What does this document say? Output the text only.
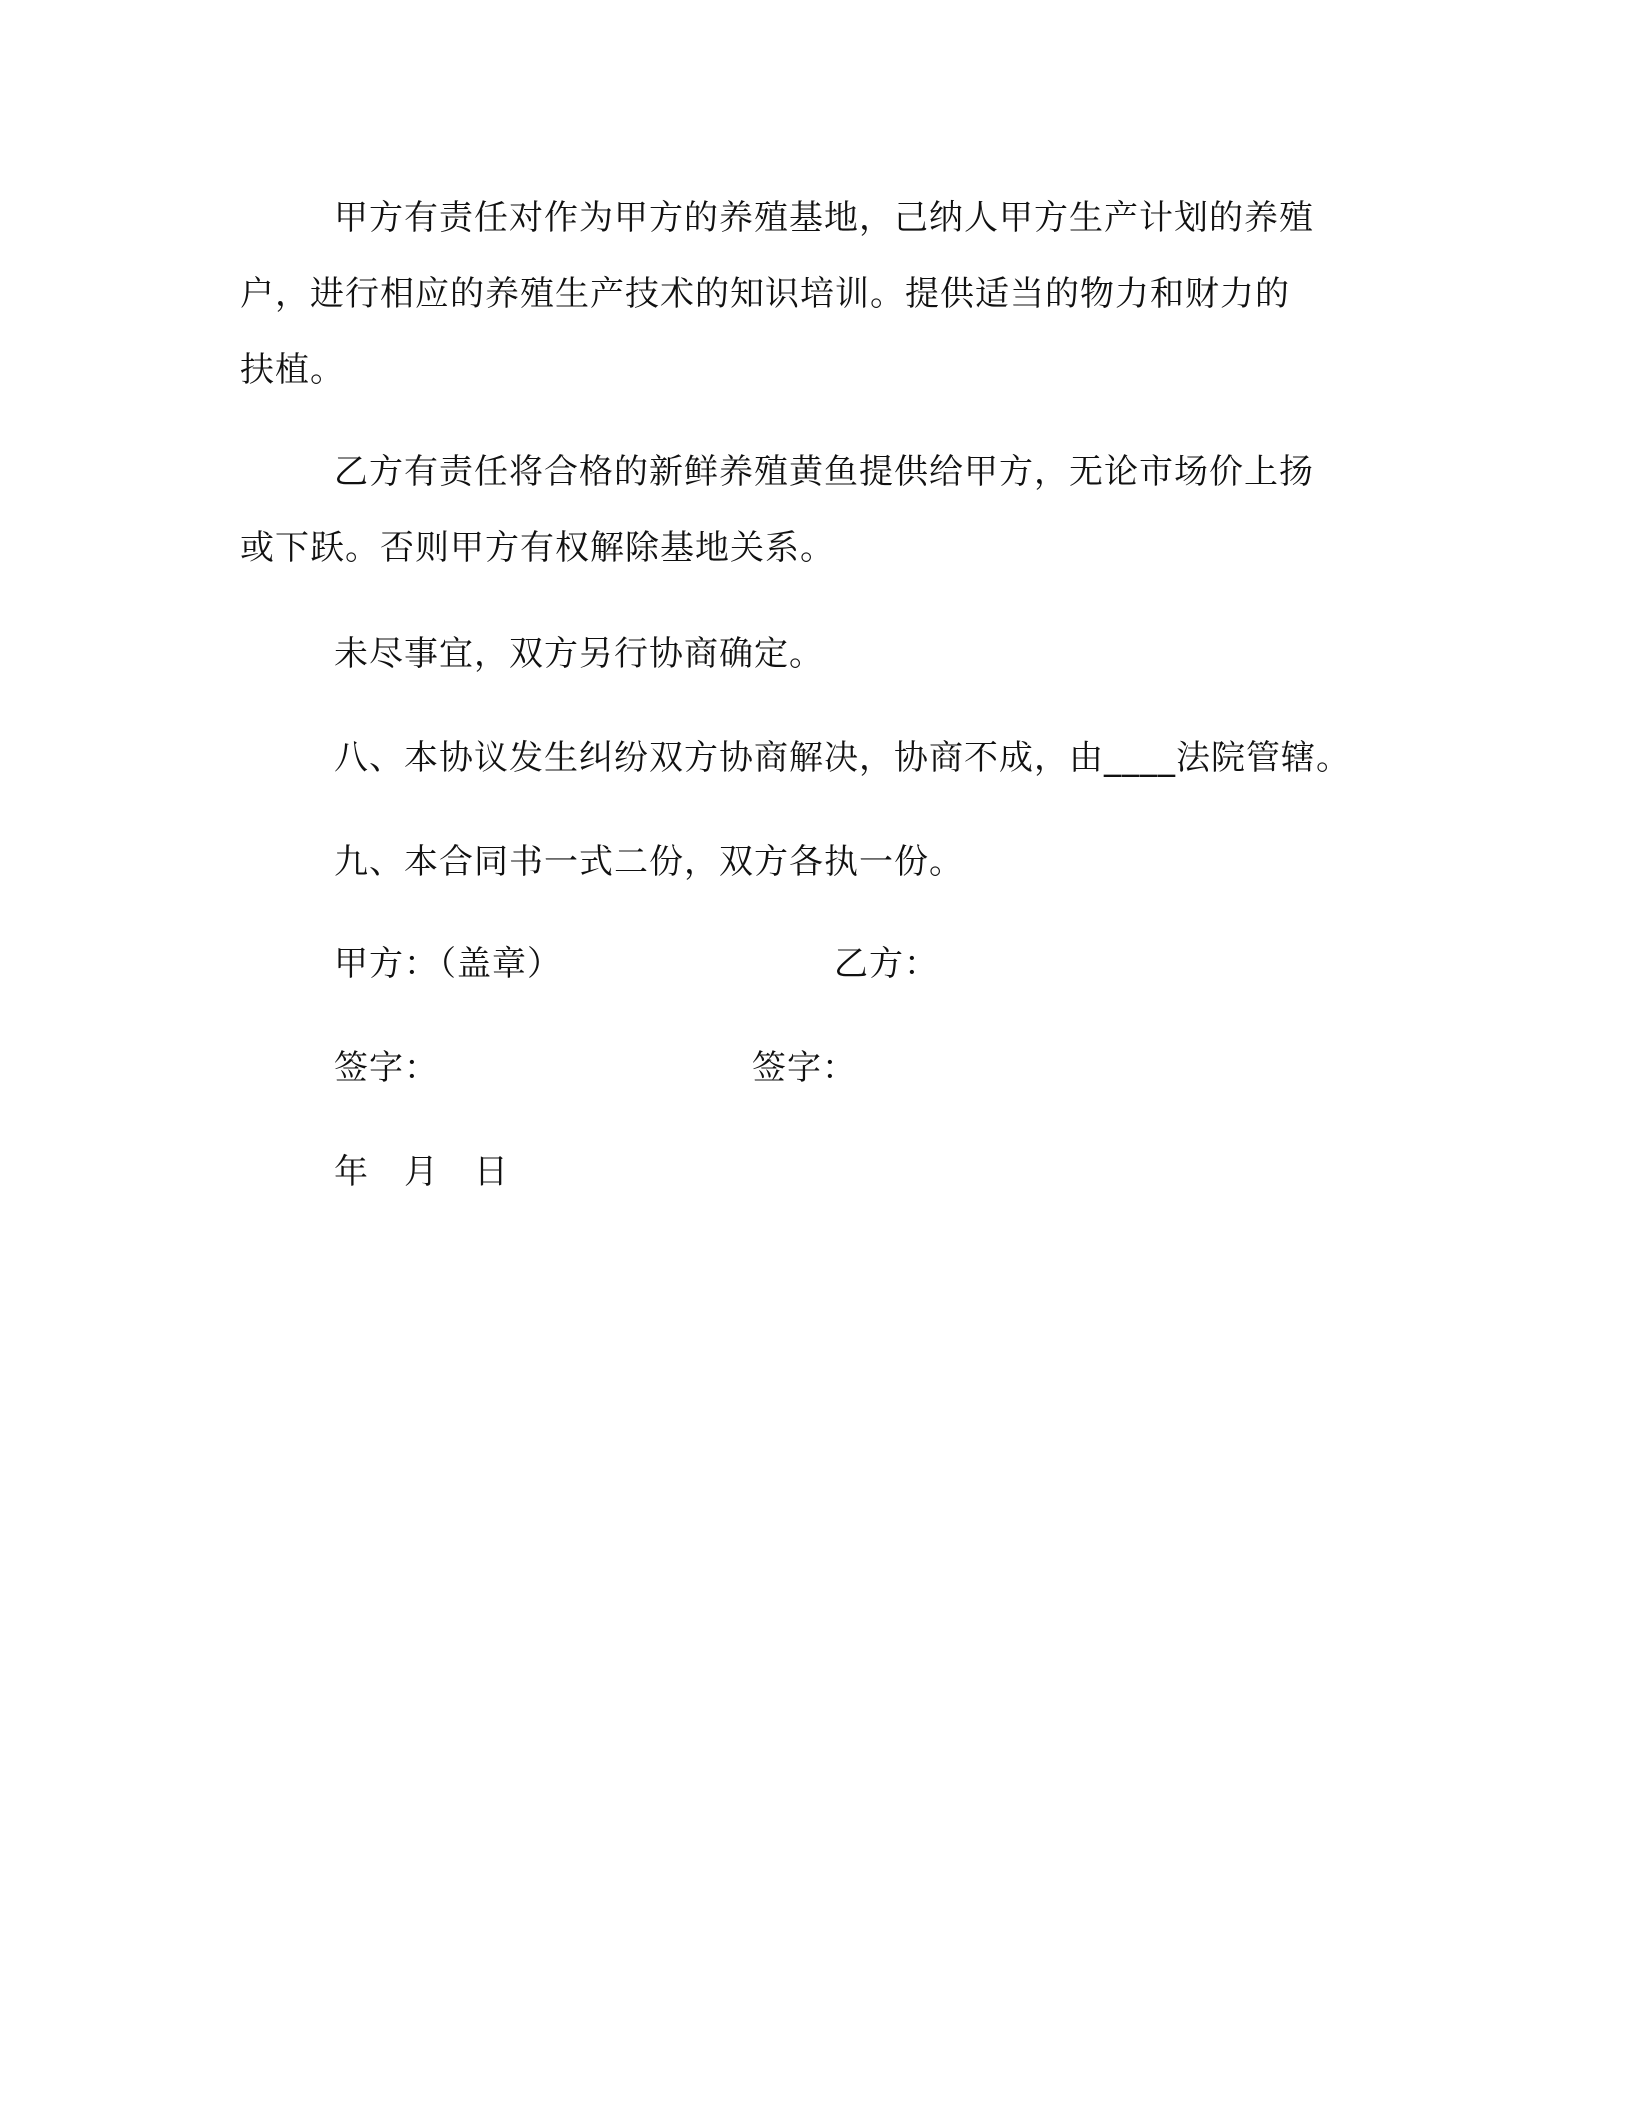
甲方有责任对作为甲方的养殖基地，己纳人甲方生产计划的养殖
户，进行相应的养殖生产技术的知识培训。提供适当的物力和财力的
扶植。
乙方有责任将合格的新鲜养殖黄鱼提供给甲方，无论市场价上扬
或下跃。否则甲方有权解除基地关系。
未尽事宜，双方另行协商确定。
八、本协议发生纠纷双方协商解决，协商不成，由____法院管辖。
九、本合同书一式二份，双方各执一份。
甲方：（盖章）	乙方：
签字：	签字：
年　月　日
